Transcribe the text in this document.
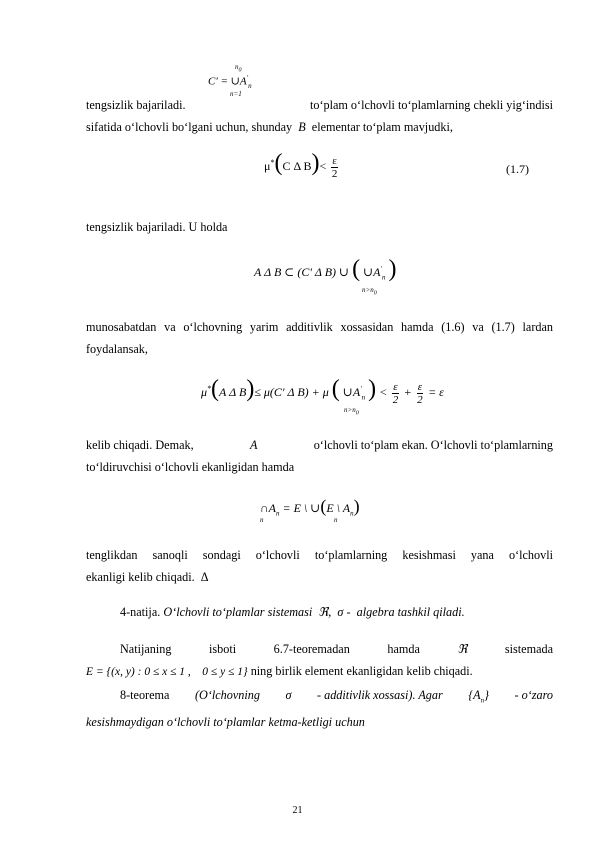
$n_0$
$C' = \cup A'_n$
n=1
tengsizlik bajariladi.	to‘plam o‘lchovli to‘plamlarning chekli yig‘indisi
sifatida o‘lchovli bo‘lgani uchun, shunday  B  elementar to‘plam mavjudki,
μ*(C Δ $B)< \frac{\varepsilon}{2}$	(1.7)
tengsizlik bajariladi. U holda
A Δ B ⊂ (C' Δ B) ∪ ( $\cup A'_n$ )
$n>n_0$
munosabatdan va o‘lchovning yarim additivlik xossasidan hamda (1.6) va (1.7) lardan foydalansak,
μ*(A Δ B)≤ μ(C' Δ B) + μ ( $\cup A'_n$ ) < $\frac{\varepsilon}{2} + \frac{\varepsilon}{2} = \varepsilon$
$n>n_0$
kelib chiqadi. Demak,	A	o‘lchovli to‘plam ekan. O‘lchovli to‘plamlarning
to‘ldiruvchisi o‘lchovli ekanligidan hamda
$\cap A_n = E$ \ ∪(E \ $A_n$)
n	n
tenglikdan sanoqli sondagi o‘lchovli to‘plamlarning kesishmasi yana o‘lchovli
ekanligi kelib chiqadi.  Δ
4-natija. O‘lchovli to‘plamlar sistemasi  ℜ,  σ -  algebra tashkil qiladi.
Natijaning	isboti	6.7-teoremadan	hamda	ℜ	sistemada
E = {(x, y) : 0 ≤ x ≤ 1 ,    0 ≤ y ≤ 1} ning birlik element ekanligidan kelib chiqadi.
8-teorema (O‘lchovning σ - additivlik xossasi). Agar $\{A_n\}$ - o‘zaro
kesishmaydigan o‘lchovli to‘plamlar ketma-ketligi uchun
21
